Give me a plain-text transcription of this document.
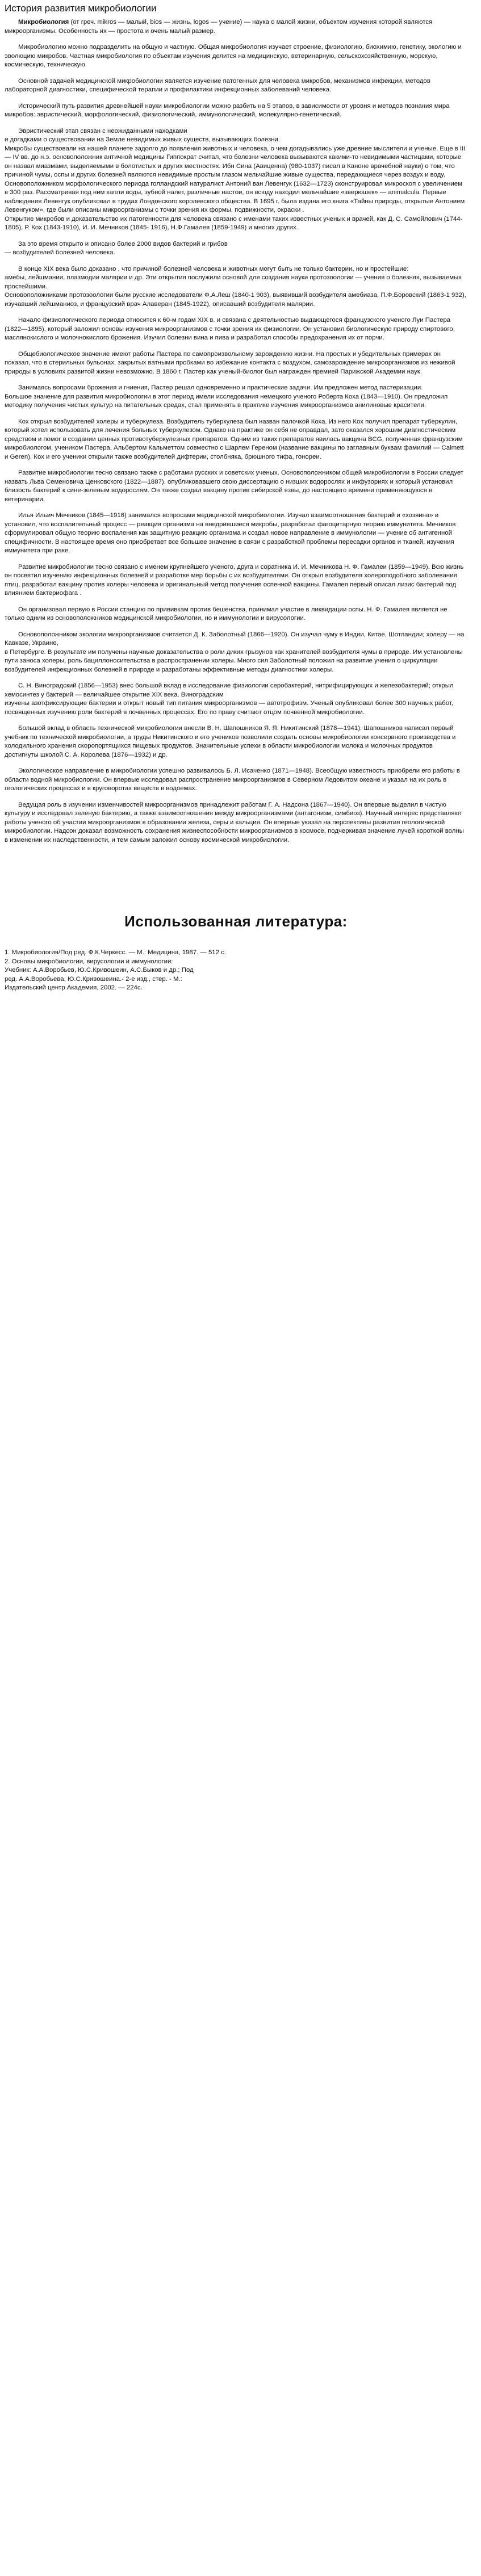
История развития микробиологии

Микробиология (от греч. mikros — малый, bios — жизнь, logos — учение) — наука о малой жизни, объектом изучения которой являются микроорганизмы. Особенность их — простота и очень малый размер.

Микробиологию можно подразделить на общую и частную. Общая микробиология изучает строение, физиологию, биохимию, генетику, экологию и эволюцию микробов. Частная микробиология по объектам изучения делится на медицинскую, ветеринарную, сельскохозяйственную, морскую, космическую, техническую.

Основной задачей медицинской микробиологии является изучение патогенных для человека микробов, механизмов инфекции, методов лабораторной диагностики, специфической терапии и профилактики инфекционных заболеваний человека.

Исторический путь развития древнейшей науки микробиологии можно разбить на 5 этапов, в зависимости от уровня и методов познания мира микробов: эвристический, морфологический, физиологический, иммунологический, молекулярно-генетический.

Эвристический этап связан с неожиданными находками

и догадками о существовании на Земле невидимых живых существ, вызывающих болезни.

Микробы существовали на нашей планете задолго до появления животных и человека, о чем догадывались уже древние мыслители и ученые. Еще в III — IV вв. до н.э. основоположник античной медицины Гиппократ считал, что болезни человека вызываются какими-то невидимыми частицами, которые он назвал миазмами, выделяемыми в болотистых и других местностях. Ибн Сина (Авиценна) (980-1037) писал в Каноне врачебной науки) о том, что причиной чумы, оспы и других болезней являются невидимые простым глазом мельчайшие живые существа, передающиеся через воздух и воду.

Основоположником морфологического периода голландский натуралист Антоний ван Левенгук (1632—1723) сконструировал микроскоп с увеличением в 300 раз. Рассматривая под ним капли воды, зубной налет, различные настои, он всюду находил мельчайшие «зверюшек» — animalcula. Первые наблюдения Левенгук опубликовал в трудах Лондонского королевского общества. В 1695 г. была издана его книга «Тайны природы, открытые Антонием Левенгуком», где были описаны микроорганизмы с точки зрения их формы, подвижности, окраски .

Открытие микробов и доказательство их патогенности для человека связано с именами таких известных ученых и врачей, как Д. С. Самойлович (1744-1805), Р. Кох (1843-1910), И. И. Мечников (1845- 1916), Н.Ф.Гамалея (1859-1949) и многих других.

За это время открыто и описано более 2000 видов бактерий и грибов

— возбудителей болезней человека.

В конце XIX века было доказано , что причиной болезней человека и животных могут быть не только бактерии, но и простейшие:

амебы, лейшмании, плазмодии малярии и др. Эти открытия послужили основой для создания науки протозоологии — учения о болезнях, вызываемых простейшими.

Основоположниками протозоологии были русские исследователи Ф.А.Леш (1840-1 903), выявивший возбудителя амебиаза, П.Ф.Боровский (1863-1 932), изучавший лейшманиоз, и французский врач Алаверан (1845-1922), описавший возбудителя малярии.

Начало физиологического периода относится к 60-м годам XIX в. и связана с деятельностью выдающегося французского ученого Луи Пастера (1822—1895), который заложил основы изучения микроорганизмов с точки зрения их физиологии. Он установил биологическую природу спиртового, маслянокислого и молочнокислого брожения. Изучил болезни вина и пива и разработал способы предохранения их от порчи.

Общебиологическое значение имеют работы Пастера по самопроизвольному зарождению жизни. На простых и убедительных примерах он показал, что в стерильных бульонах, закрытых ватными пробками во избежание контакта с воздухом, самозарождение микроорганизмов из неживой природы в условиях развитой жизни невозможно. В 1860 г. Пастер как ученый-биолог был награжден премией Парижской Академии наук.

Занимаясь вопросами брожения и гниения, Пастер решал одновременно и практические задачи. Им предложен метод пастеризации.

Большое значение для развития микробиологии в этот период имели исследования немецкого ученого Роберта Коха (1843—1910). Он предложил методику получения чистых культур на питательных средах, стал применять в практике изучения микроорганизмов анилиновые красители.

Кох открыл возбудителей холеры и туберкулеза. Возбудитель туберкулеза был назван палочкой Коха. Из него Кох получил препарат туберкулин, который хотел использовать для лечения больных туберкулезом. Однако на практике он себя не оправдал, зато оказался хорошим диагностическим средством и помог в создании ценных противотуберкулезных препаратов. Одним из таких препаратов явилась вакцина BCG, полученная французским микробиологом, учеником Пастера, Альбертом Кальметтом совместно с Шарлем Гереном (название вакцины по заглавным буквам фамилий — Calmett и Geren). Кох и его ученики открыли также возбудителей дифтерии, столбняка, брюшного тифа, гонореи.

Развитие микробиологии тесно связано также с работами русских и советских ученых. Основоположником общей микробиологии в России следует назвать Льва Семеновича Ценковского (1822—1887), опубликовавшего свою диссертацию о низших водорослях и инфузориях и который установил близость бактерий к сине-зеленым водорослям. Он также создал вакцину против сибирской язвы, до настоящего времени применяющуюся в ветеринарии.

Илья Ильич Мечников (1845—1916) занимался вопросами медицинской микробиологии. Изучал взаимоотношения бактерий и «хозяина» и установил, что воспалительный процесс — реакция организма на внедрившиеся микробы, разработал фагоцитарную теорию иммунитета. Мечников сформулировал общую теорию воспаления как защитную реакцию организма и создал новое направление в иммунологии — учение об антигенной специфичности. В настоящее время оно приобретает все большее значение в связи с разработкой проблемы пересадки органов и тканей, изучения иммунитета при раке.

Развитие микробиологии тесно связано с именем крупнейшего ученого, друга и соратника И. И. Мечникова Н. Ф. Гамалеи (1859—1949). Всю жизнь он посвятил изучению инфекционных болезней и разработке мер борьбы с их возбудителями. Он открыл возбудителя холероподобного заболевания птиц, разработал вакцину против холеры человека и оригинальный метод получения оспенной вакцины. Гамалея первый описал лизис бактерий под влиянием бактериофага .

Он организовал первую в России станцию по прививкам против бешенства, принимал участие в ликвидации оспы. Н. Ф. Гамалея является не только одним из основоположников медицинской микробиологии, но и иммунологии и вирусологии.

Основоположником экологии микроорганизмов считается Д. К. Заболотный (1866—1920). Он изучал чуму в Индии, Китае, Шотландии; холеру — на Кавказе, Украине,

в Петербурге. В результате им получены научные доказательства о роли диких грызунов как хранителей возбудителя чумы в природе. Им установлены пути заноса холеры, роль бациллоносительства в распространении холеры. Много сил Заболотный положил на развитие учения о циркуляции возбудителей инфекционных болезней в природе и разработаны эффективные методы диагностики холеры.

С. Н. Виноградский (1856—1953) внес большой вклад в исследование физиологии серобактерий, нитрифицирующих и железобактерий; открыл хемосинтез у бактерий — величайшее открытие XIX века. Виноградским

изучены азотфиксирующие бактерии и открыт новый тип питания микроорганизмов — автотрофизм. Ученый опубликовал более 300 научных работ, посвященных изучению роли бактерий в почвенных процессах. Его по праву считают отцом почвенной микробиологии.

Большой вклад в область технической микробиологии внесли В. Н. Шапошников Я. Я. Никитинский (1878—1941). Шапошников написал первый учебник по технической микробиологии, а труды Никитинского и его учеников позволили создать основы микробиологии консервного производства и холодильного хранения скоропортящихся пищевых продуктов. Значительные успехи в области микробиологии молока и молочных продуктов достигнуты школой С. А. Королева (1876—1932) и др.

Экологическое направление в микробиологии успешно развивалось Б. Л. Исаченко (1871—1948). Всеобщую известность приобрели его работы в области водной микробиологии. Он впервые исследовал распространение микроорганизмов в Северном Ледовитом океане и указал на их роль в геологических процессах и в круговоротах веществ в водоемах.

Ведущая роль в изучении изменчивостей микроорганизмов принадлежит работам Г. А. Надсона (1867—1940). Он впервые выделил в чистую культуру и исследовал зеленую бактерию, а также взаимоотношения между микроорганизмами (антагонизм, симбиоз). Научный интерес представляют работы ученого об участии микроорганизмов в образовании железа, серы и кальция. Он впервые указал на перспективы развития геологической микробиологии. Надсон доказал возможность сохранения жизнеспособности микроорганизмов в космосе, подчеркивая значение лучей короткой волны в изменении их наследственности, и тем самым заложил основу космической микробиологии.

Использованная литература:
1. Микробиология/Под ред. Ф.К.Черкесс. — М.: Медицина, 1987. — 512 с.
2. Основы микробиологии, вирусологии и иммунологии:
Учебник: А.А.Воробьев, Ю.С.Кривошеин, А.С.Быков и др.; Под
ред. А.А.Воробьева, Ю.С.Кривошеина.- 2-е изд., стер. - М.:
Издательский центр Академия, 2002. — 224с.
